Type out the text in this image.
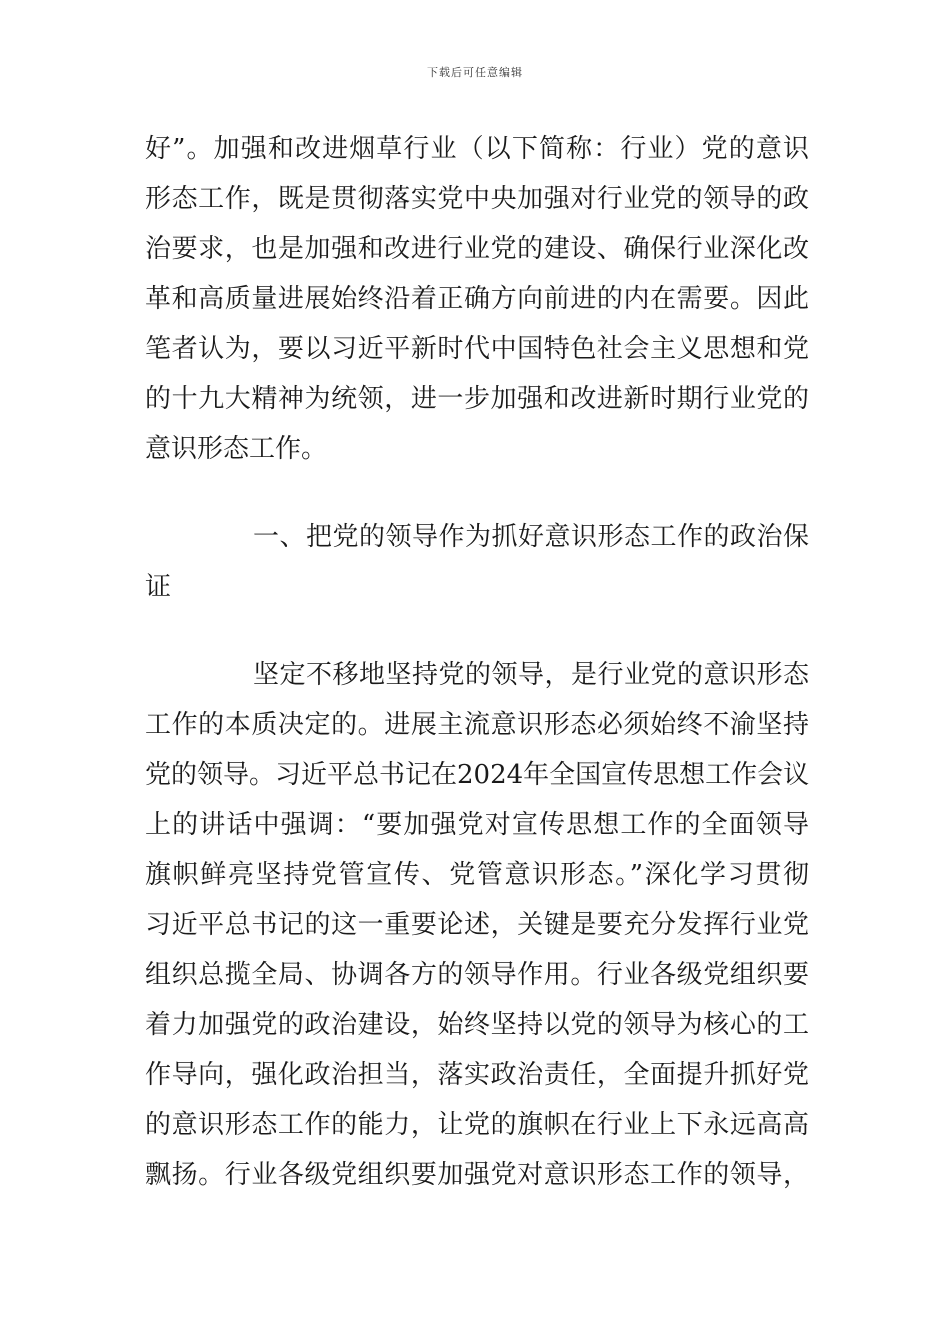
下载后可任意编辑
好”。加强和改进烟草行业（以下简称：行业）党的意识
形态工作，既是贯彻落实党中央加强对行业党的领导的政
治要求，也是加强和改进行业党的建设、确保行业深化改
革和高质量进展始终沿着正确方向前进的内在需要。因此
笔者认为，要以习近平新时代中国特色社会主义思想和党
的十九大精神为统领，进一步加强和改进新时期行业党的
意识形态工作。
一、把党的领导作为抓好意识形态工作的政治保
证
坚定不移地坚持党的领导，是行业党的意识形态
工作的本质决定的。进展主流意识形态必须始终不渝坚持
党的领导。习近平总书记在2024年全国宣传思想工作会议
上的讲话中强调：“要加强党对宣传思想工作的全面领导
旗帜鲜亮坚持党管宣传、党管意识形态。”深化学习贯彻
习近平总书记的这一重要论述，关键是要充分发挥行业党
组织总揽全局、协调各方的领导作用。行业各级党组织要
着力加强党的政治建设，始终坚持以党的领导为核心的工
作导向，强化政治担当，落实政治责任，全面提升抓好党
的意识形态工作的能力，让党的旗帜在行业上下永远高高
飘扬。行业各级党组织要加强党对意识形态工作的领导，
